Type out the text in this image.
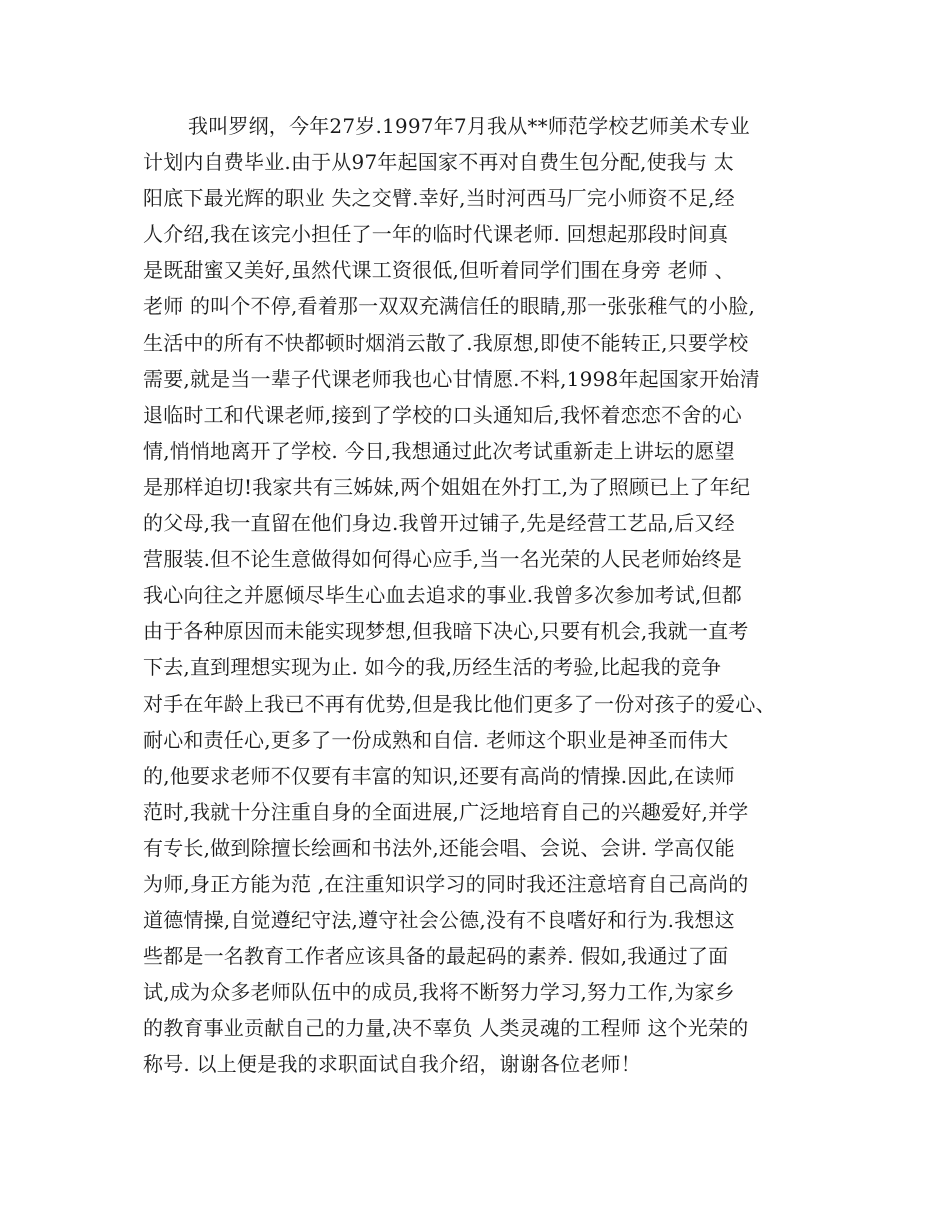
我叫罗纲，今年27岁.1997年7月我从**师范学校艺师美术专业
计划内自费毕业.由于从97年起国家不再对自费生包分配,使我与 太
阳底下最光辉的职业 失之交臂.幸好,当时河西马厂完小师资不足,经
人介绍,我在该完小担任了一年的临时代课老师. 回想起那段时间真
是既甜蜜又美好,虽然代课工资很低,但听着同学们围在身旁 老师 、
老师 的叫个不停,看着那一双双充满信任的眼睛,那一张张稚气的小脸,
生活中的所有不快都顿时烟消云散了.我原想,即使不能转正,只要学校
需要,就是当一辈子代课老师我也心甘情愿.不料,1998年起国家开始清
退临时工和代课老师,接到了学校的口头通知后,我怀着恋恋不舍的心
情,悄悄地离开了学校. 今日,我想通过此次考试重新走上讲坛的愿望
是那样迫切!我家共有三姊妹,两个姐姐在外打工,为了照顾已上了年纪
的父母,我一直留在他们身边.我曾开过铺子,先是经营工艺品,后又经
营服装.但不论生意做得如何得心应手,当一名光荣的人民老师始终是
我心向往之并愿倾尽毕生心血去追求的事业.我曾多次参加考试,但都
由于各种原因而未能实现梦想,但我暗下决心,只要有机会,我就一直考
下去,直到理想实现为止. 如今的我,历经生活的考验,比起我的竞争
对手在年龄上我已不再有优势,但是我比他们更多了一份对孩子的爱心、
耐心和责任心,更多了一份成熟和自信. 老师这个职业是神圣而伟大
的,他要求老师不仅要有丰富的知识,还要有高尚的情操.因此,在读师
范时,我就十分注重自身的全面进展,广泛地培育自己的兴趣爱好,并学
有专长,做到除擅长绘画和书法外,还能会唱、会说、会讲. 学高仅能
为师,身正方能为范 ,在注重知识学习的同时我还注意培育自己高尚的
道德情操,自觉遵纪守法,遵守社会公德,没有不良嗜好和行为.我想这
些都是一名教育工作者应该具备的最起码的素养. 假如,我通过了面
试,成为众多老师队伍中的成员,我将不断努力学习,努力工作,为家乡
的教育事业贡献自己的力量,决不辜负 人类灵魂的工程师 这个光荣的
称号. 以上便是我的求职面试自我介绍，谢谢各位老师！
